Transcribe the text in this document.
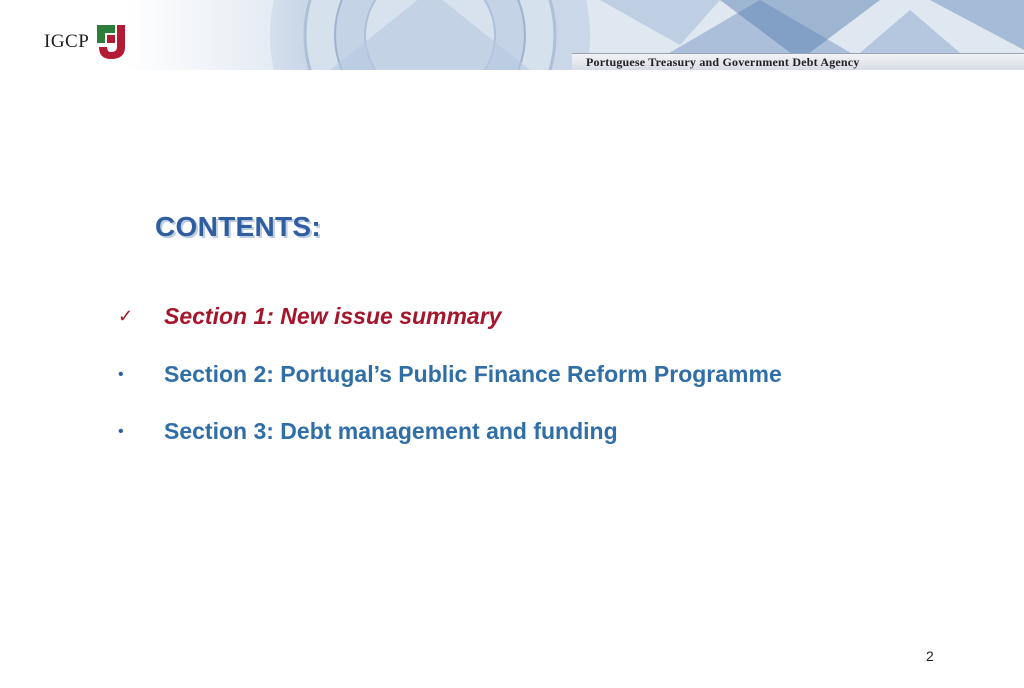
IGCP
Portuguese Treasury and Government Debt Agency
CONTENTS:
✓	Section 1: New issue summary
•	Section 2: Portugal’s Public Finance Reform Programme
•	Section 3: Debt management and funding
2
